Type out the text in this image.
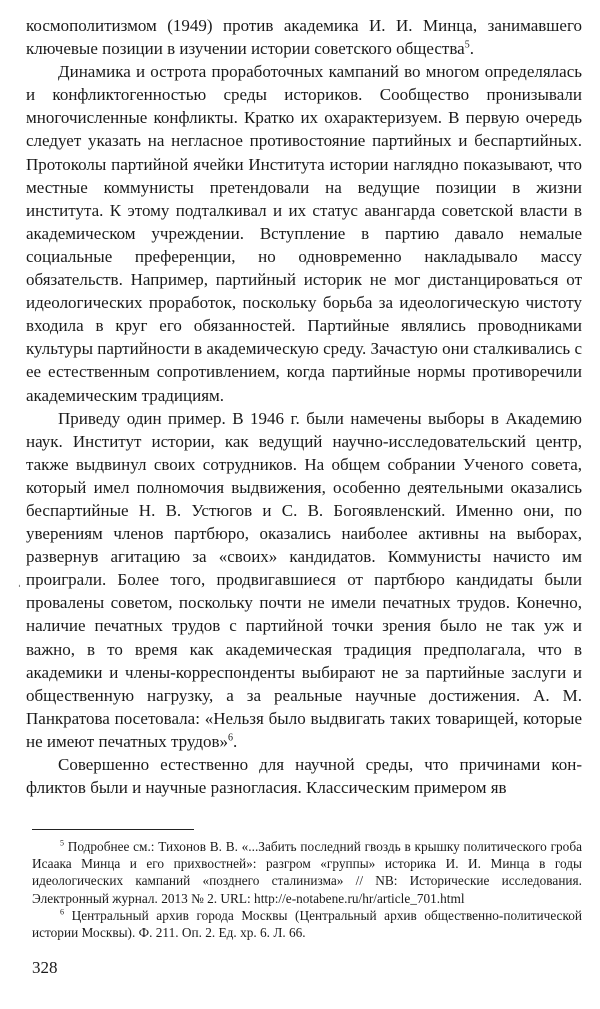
космополитизмом (1949) против академика И. И. Минца, занимавшего ключевые позиции в изучении истории советского общества$^5$.

Динамика и острота проработочных кампаний во многом определялась и конфликтогенностью среды историков. Сообщество пронизывали многочисленные конфликты. Кратко их охарактеризуем. В первую очередь следует указать на негласное противостояние партийных и беспартийных. Протоколы партийной ячейки Института истории наглядно показывают, что местные коммунисты претендовали на ведущие позиции в жизни института. К этому подталкивал и их статус авангарда советской власти в академическом учреждении. Вступление в партию давало немалые социальные преференции, но одновременно накладывало массу обязательств. Например, партийный историк не мог дистанцироваться от идеологических проработок, поскольку борьба за идеологическую чистоту входила в круг его обязанностей. Партийные являлись проводниками культуры партийности в академическую среду. Зачастую они сталкивались с ее естественным сопротивлением, когда партийные нормы противоречили академическим традициям.

Приведу один пример. В 1946 г. были намечены выборы в Академию наук. Институт истории, как ведущий научно-исследовательский центр, также выдвинул своих сотрудников. На общем собрании Ученого совета, который имел полномочия выдвижения, особенно деятельными оказались беспартийные Н. В. Устюгов и С. В. Богоявленский. Именно они, по уверениям членов партбюро, оказались наиболее активны на выборах, развернув агитацию за «своих» кандидатов. Коммунисты начисто им проиграли. Более того, продвигавшиеся от партбюро кандидаты были провалены советом, поскольку почти не имели печатных трудов. Конечно, наличие печатных трудов с партийной точки зрения было не так уж и важно, в то время как академическая традиция предполагала, что в академики и члены-корреспонденты выбирают не за партийные заслуги и общественную нагрузку, а за реальные научные достижения. А. М. Панкратова посетовала: «Нельзя было выдвигать таких товарищей, которые не имеют печатных трудов»$^6$.

Совершенно естественно для научной среды, что причинами конфликтов были и научные разногласия. Классическим примером яв

ˌ

$^5$ Подробнее см.: Тихонов В. В. «...Забить последний гвоздь в крышку политического гроба Исаака Минца и его прихвостней»: разгром «группы» историка И. И. Минца в годы идеологических кампаний «позднего сталинизма» // NB: Исторические исследования. Электронный журнал. 2013 № 2. URL: http://e-notabene.ru/hr/article_701.html

$^6$ Центральный архив города Москвы (Центральный архив общественно-политической истории Москвы). Ф. 211. Оп. 2. Ед. хр. 6. Л. 66.

328
